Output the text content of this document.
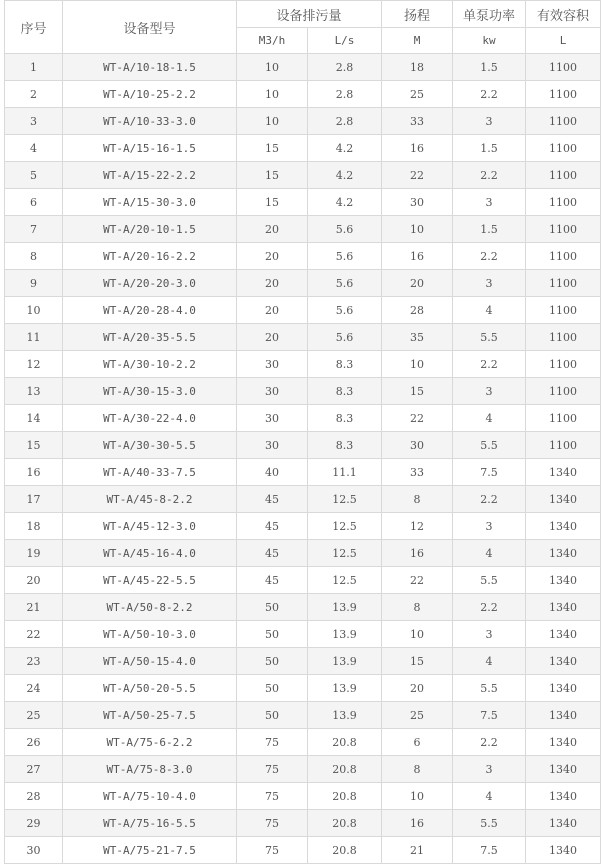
序号	设备型号	设备排污量		扬程	单泵功率	有效容积
		M3/h	L/s	M	kw	L
1	WT-A/10-18-1.5	10	2.8	18	1.5	1100
2	WT-A/10-25-2.2	10	2.8	25	2.2	1100
3	WT-A/10-33-3.0	10	2.8	33	3	1100
4	WT-A/15-16-1.5	15	4.2	16	1.5	1100
5	WT-A/15-22-2.2	15	4.2	22	2.2	1100
6	WT-A/15-30-3.0	15	4.2	30	3	1100
7	WT-A/20-10-1.5	20	5.6	10	1.5	1100
8	WT-A/20-16-2.2	20	5.6	16	2.2	1100
9	WT-A/20-20-3.0	20	5.6	20	3	1100
10	WT-A/20-28-4.0	20	5.6	28	4	1100
11	WT-A/20-35-5.5	20	5.6	35	5.5	1100
12	WT-A/30-10-2.2	30	8.3	10	2.2	1100
13	WT-A/30-15-3.0	30	8.3	15	3	1100
14	WT-A/30-22-4.0	30	8.3	22	4	1100
15	WT-A/30-30-5.5	30	8.3	30	5.5	1100
16	WT-A/40-33-7.5	40	11.1	33	7.5	1340
17	WT-A/45-8-2.2	45	12.5	8	2.2	1340
18	WT-A/45-12-3.0	45	12.5	12	3	1340
19	WT-A/45-16-4.0	45	12.5	16	4	1340
20	WT-A/45-22-5.5	45	12.5	22	5.5	1340
21	WT-A/50-8-2.2	50	13.9	8	2.2	1340
22	WT-A/50-10-3.0	50	13.9	10	3	1340
23	WT-A/50-15-4.0	50	13.9	15	4	1340
24	WT-A/50-20-5.5	50	13.9	20	5.5	1340
25	WT-A/50-25-7.5	50	13.9	25	7.5	1340
26	WT-A/75-6-2.2	75	20.8	6	2.2	1340
27	WT-A/75-8-3.0	75	20.8	8	3	1340
28	WT-A/75-10-4.0	75	20.8	10	4	1340
29	WT-A/75-16-5.5	75	20.8	16	5.5	1340
30	WT-A/75-21-7.5	75	20.8	21	7.5	1340
